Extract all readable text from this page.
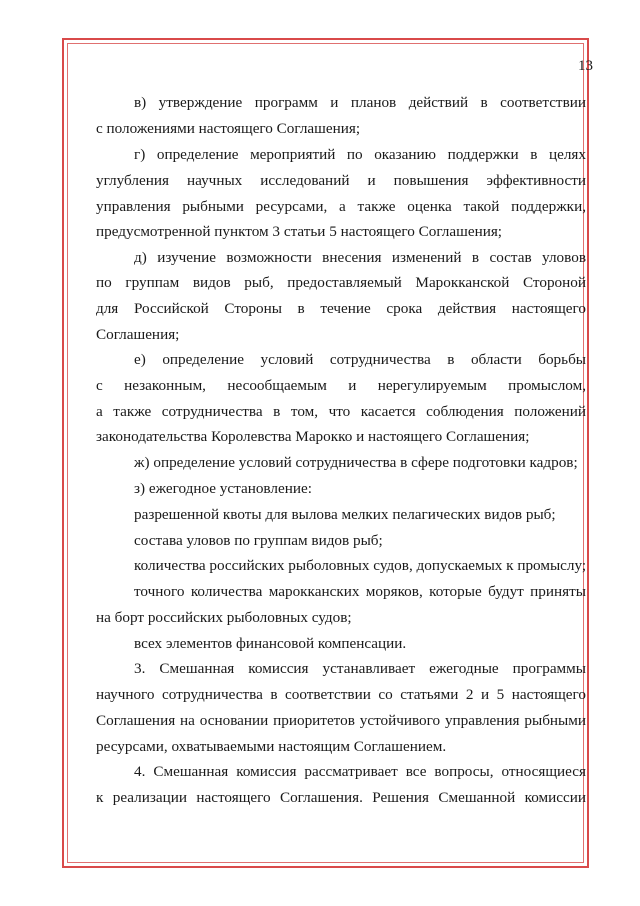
13
в) утверждение программ и планов действий в соответствии
с положениями настоящего Соглашения;
г) определение мероприятий по оказанию поддержки в целях
углубления научных исследований и повышения эффективности
управления рыбными ресурсами, а также оценка такой поддержки,
предусмотренной пунктом 3 статьи 5 настоящего Соглашения;
д) изучение возможности внесения изменений в состав уловов
по группам видов рыб, предоставляемый Марокканской Стороной
для Российской Стороны в течение срока действия настоящего
Соглашения;
е) определение условий сотрудничества в области борьбы
с незаконным, несообщаемым и нерегулируемым промыслом,
а также сотрудничества в том, что касается соблюдения положений
законодательства Королевства Марокко и настоящего Соглашения;
ж) определение условий сотрудничества в сфере подготовки кадров;
з) ежегодное установление:
разрешенной квоты для вылова мелких пелагических видов рыб;
состава уловов по группам видов рыб;
количества российских рыболовных судов, допускаемых к промыслу;
точного количества марокканских моряков, которые будут приняты
на борт российских рыболовных судов;
всех элементов финансовой компенсации.
3. Смешанная комиссия устанавливает ежегодные программы
научного сотрудничества в соответствии со статьями 2 и 5 настоящего
Соглашения на основании приоритетов устойчивого управления рыбными
ресурсами, охватываемыми настоящим Соглашением.
4. Смешанная комиссия рассматривает все вопросы, относящиеся
к реализации настоящего Соглашения. Решения Смешанной комиссии
